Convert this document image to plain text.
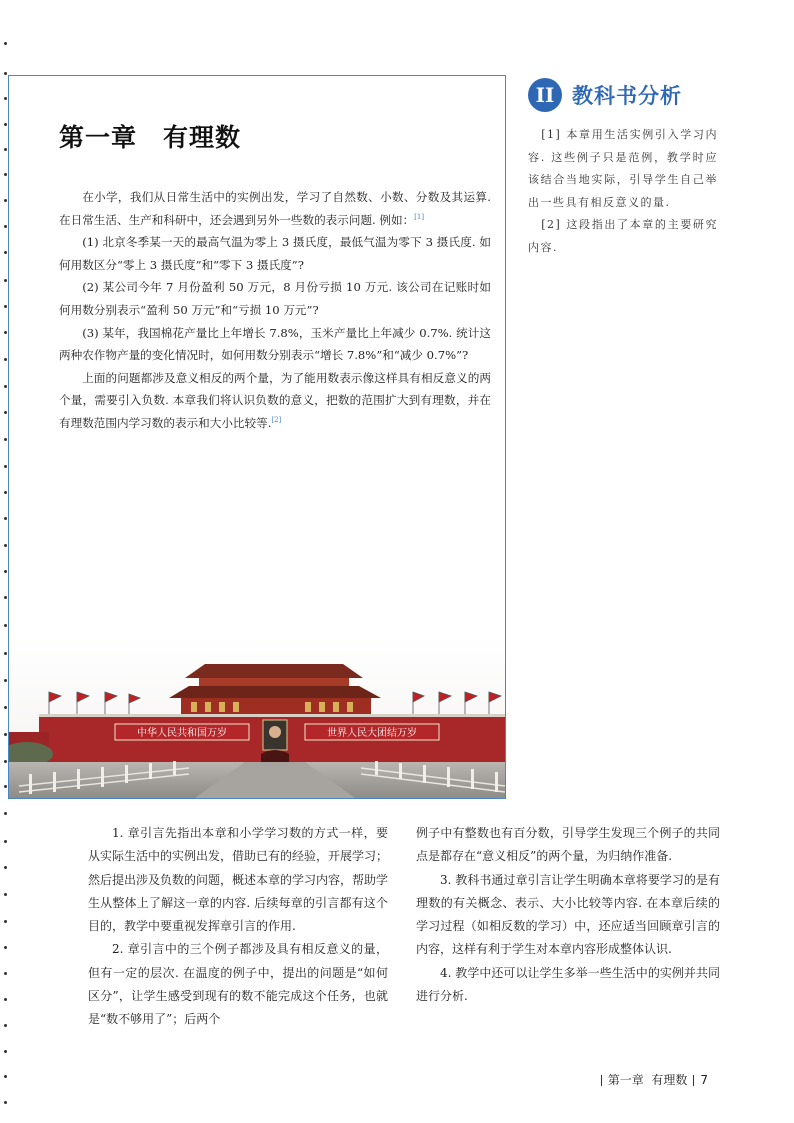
第一章 有理数

在小学，我们从日常生活中的实例出发，学习了自然数、小数、分数及其运算. 在日常生活、生产和科研中，还会遇到另外一些数的表示问题. 例如：[1]

(1) 北京冬季某一天的最高气温为零上 3 摄氏度，最低气温为零下 3 摄氏度. 如何用数区分“零上 3 摄氏度”和“零下 3 摄氏度”?

(2) 某公司今年 7 月份盈利 50 万元，8 月份亏损 10 万元. 该公司在记账时如何用数分别表示“盈利 50 万元”和“亏损 10 万元”?

(3) 某年，我国棉花产量比上年增长 7.8%，玉米产量比上年减少 0.7%. 统计这两种农作物产量的变化情况时，如何用数分别表示“增长 7.8%”和“减少 0.7%”?

上面的问题都涉及意义相反的两个量，为了能用数表示像这样具有相反意义的两个量，需要引入负数. 本章我们将认识负数的意义，把数的范围扩大到有理数，并在有理数范围内学习数的表示和大小比较等.[2]

中华人民共和国万岁	世界人民大团结万岁
II 教科书分析

[1] 本章用生活实例引入学习内容. 这些例子只是范例，教学时应该结合当地实际，引导学生自己举出一些具有相反意义的量.

[2] 这段指出了本章的主要研究内容.

1. 章引言先指出本章和小学学习数的方式一样，要从实际生活中的实例出发，借助已有的经验，开展学习；然后提出涉及负数的问题，概述本章的学习内容，帮助学生从整体上了解这一章的内容. 后续每章的引言都有这个目的，教学中要重视发挥章引言的作用.

2. 章引言中的三个例子都涉及具有相反意义的量，但有一定的层次. 在温度的例子中，提出的问题是“如何区分”，让学生感受到现有的数不能完成这个任务，也就是“数不够用了”；后两个

例子中有整数也有百分数，引导学生发现三个例子的共同点是都存在“意义相反”的两个量，为归纳作准备.

3. 教科书通过章引言让学生明确本章将要学习的是有理数的有关概念、表示、大小比较等内容. 在本章后续的学习过程（如相反数的学习）中，还应适当回顾章引言的内容，这样有利于学生对本章内容形成整体认识.

4. 教学中还可以让学生多举一些生活中的实例并共同进行分析.

第一章 有理数 7
